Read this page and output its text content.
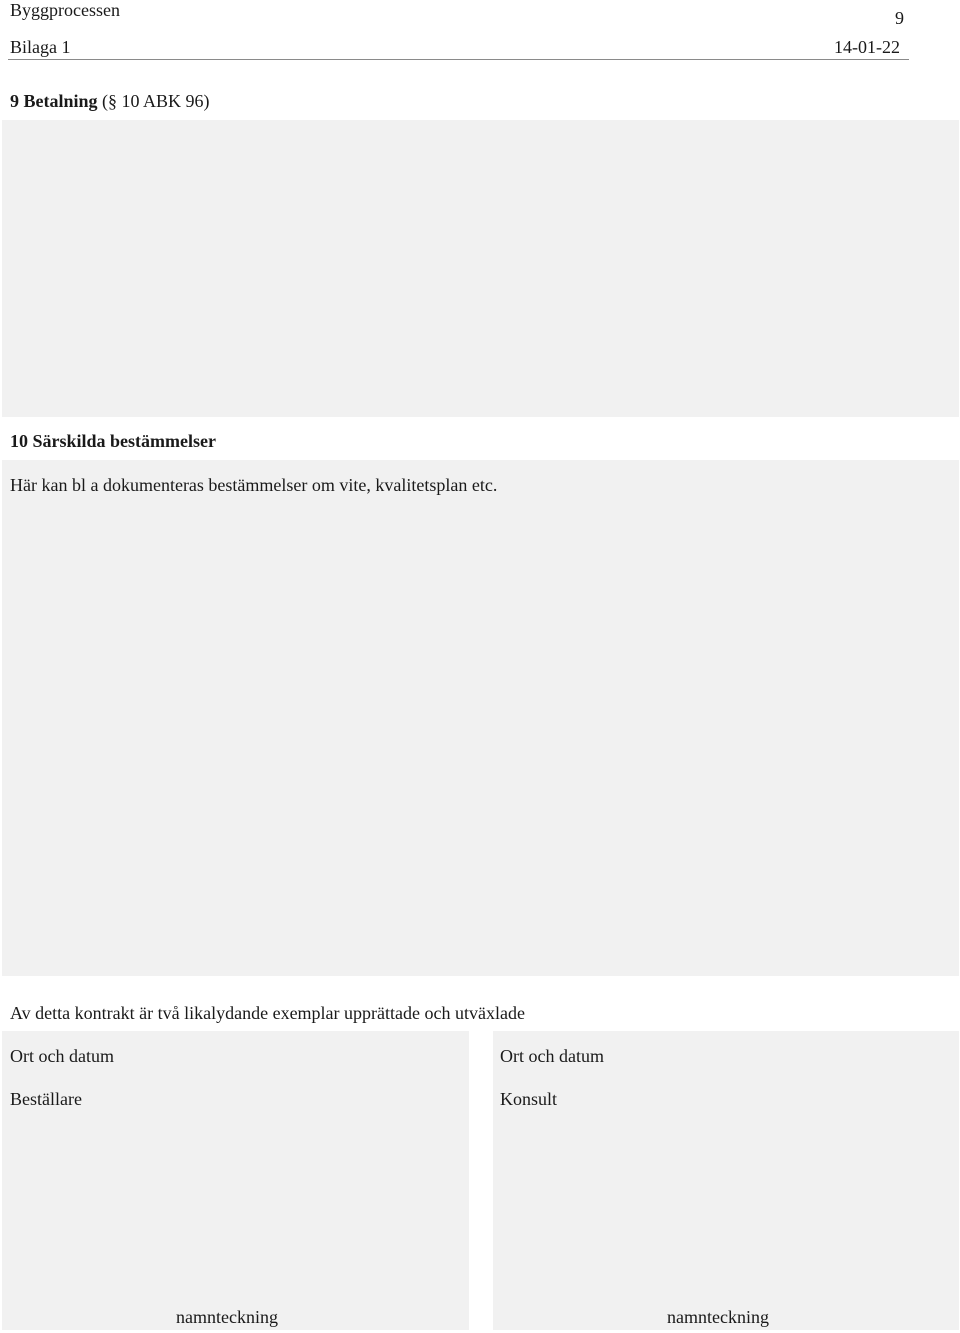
Byggprocessen	9
Bilaga 1	14-01-22
9 Betalning (§ 10 ABK 96)
10 Särskilda bestämmelser
Här kan bl a dokumenteras bestämmelser om vite, kvalitetsplan etc.
Av detta kontrakt är två likalydande exemplar upprättade och utväxlade
Ort och datum
Beställare
namnteckning
Ort och datum
Konsult
namnteckning
